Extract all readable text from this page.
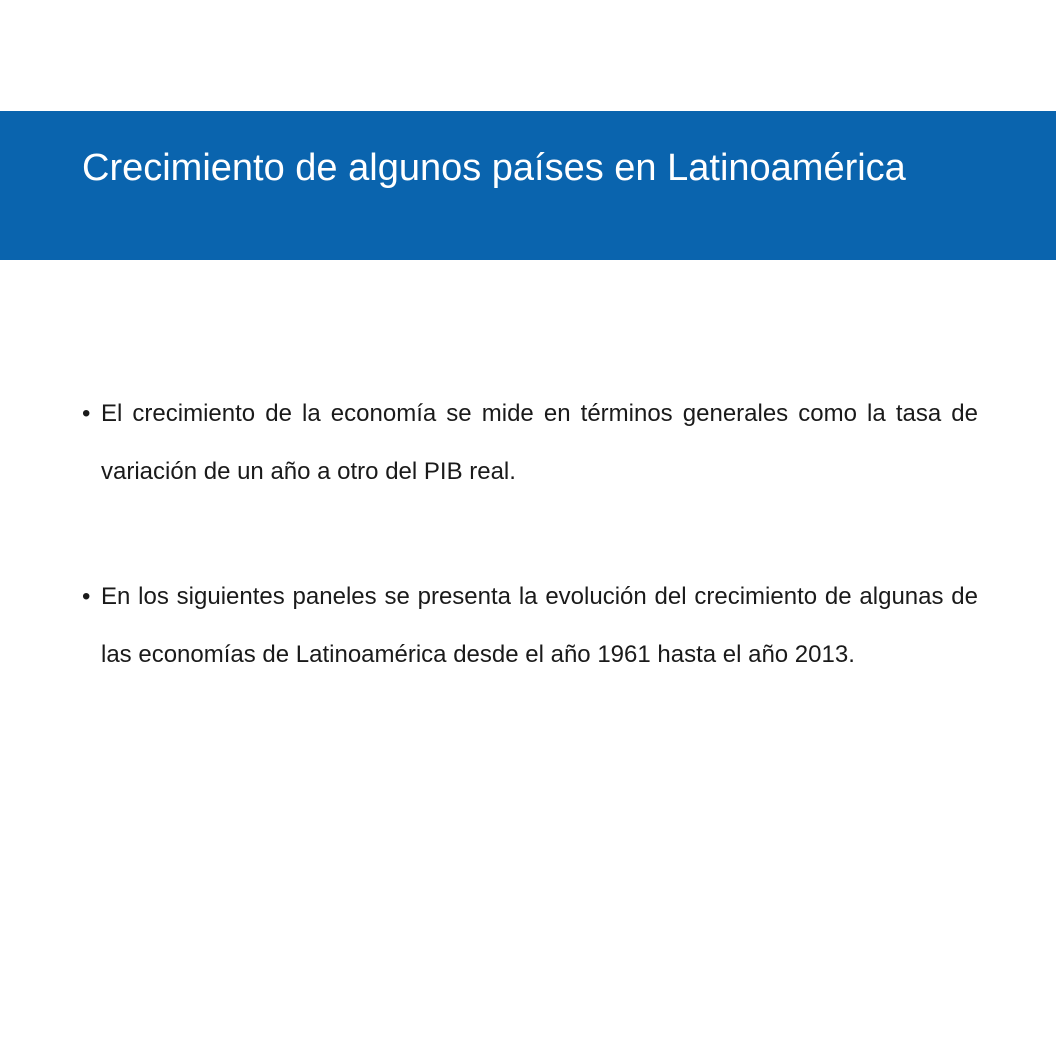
Crecimiento de algunos países en Latinoamérica
• El crecimiento de la economía se mide en términos generales como la tasa de variación de un año a otro del PIB real.
• En los siguientes paneles se presenta la evolución del crecimiento de algunas de las economías de Latinoamérica desde el año 1961 hasta el año 2013.
